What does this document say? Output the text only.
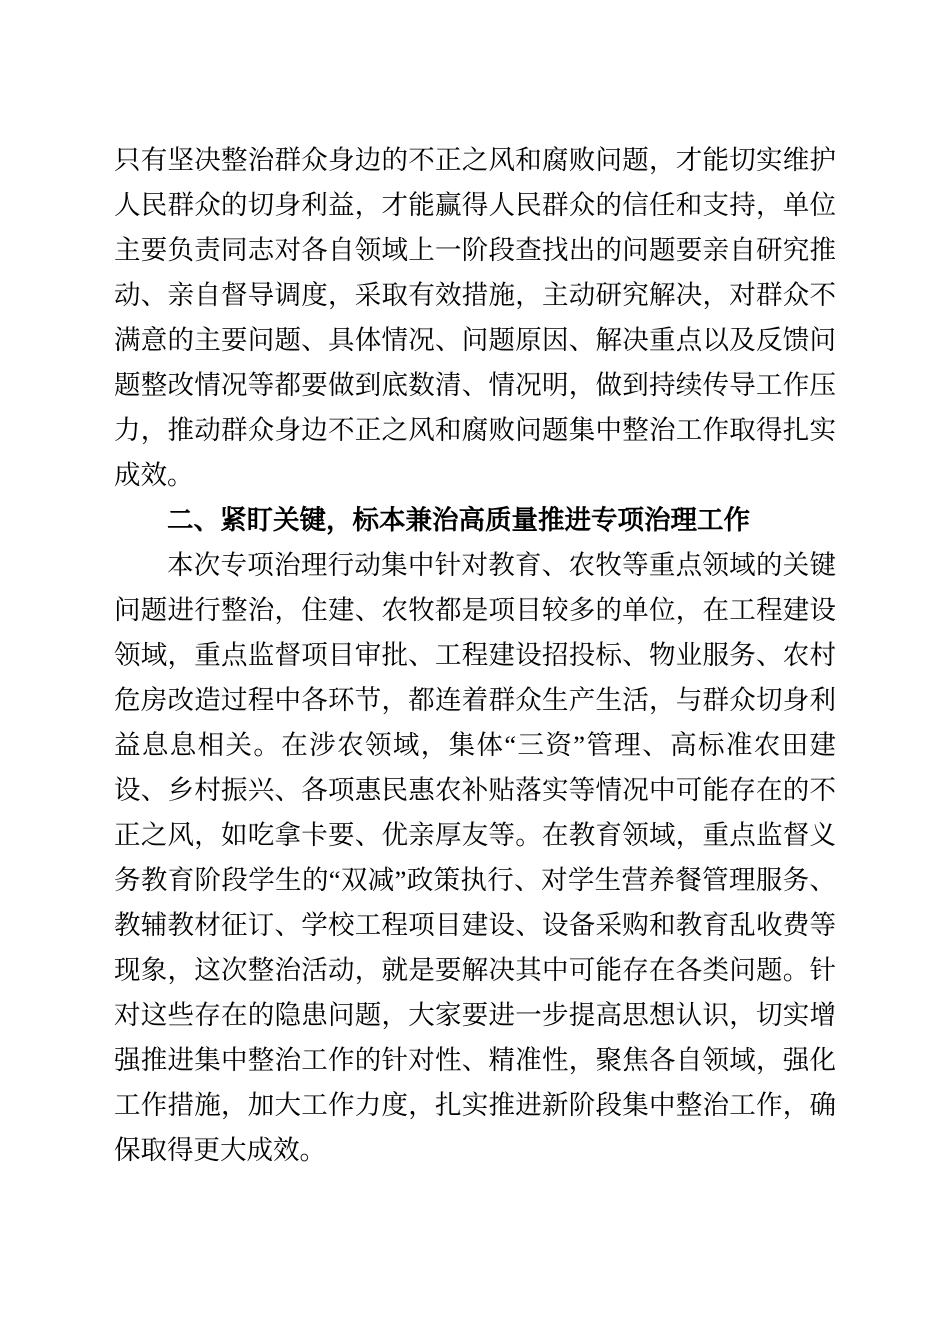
只有坚决整治群众身边的不正之风和腐败问题，才能切实维护人民群众的切身利益，才能赢得人民群众的信任和支持，单位主要负责同志对各自领域上一阶段查找出的问题要亲自研究推动、亲自督导调度，采取有效措施，主动研究解决，对群众不满意的主要问题、具体情况、问题原因、解决重点以及反馈问题整改情况等都要做到底数清、情况明，做到持续传导工作压力，推动群众身边不正之风和腐败问题集中整治工作取得扎实成效。

二、紧盯关键，标本兼治高质量推进专项治理工作

本次专项治理行动集中针对教育、农牧等重点领域的关键问题进行整治，住建、农牧都是项目较多的单位，在工程建设领域，重点监督项目审批、工程建设招投标、物业服务、农村危房改造过程中各环节，都连着群众生产生活，与群众切身利益息息相关。在涉农领域，集体“三资”管理、高标准农田建设、乡村振兴、各项惠民惠农补贴落实等情况中可能存在的不正之风，如吃拿卡要、优亲厚友等。在教育领域，重点监督义务教育阶段学生的“双减”政策执行、对学生营养餐管理服务、教辅教材征订、学校工程项目建设、设备采购和教育乱收费等现象，这次整治活动，就是要解决其中可能存在各类问题。针对这些存在的隐患问题，大家要进一步提高思想认识，切实增强推进集中整治工作的针对性、精准性，聚焦各自领域，强化工作措施，加大工作力度，扎实推进新阶段集中整治工作，确保取得更大成效。
